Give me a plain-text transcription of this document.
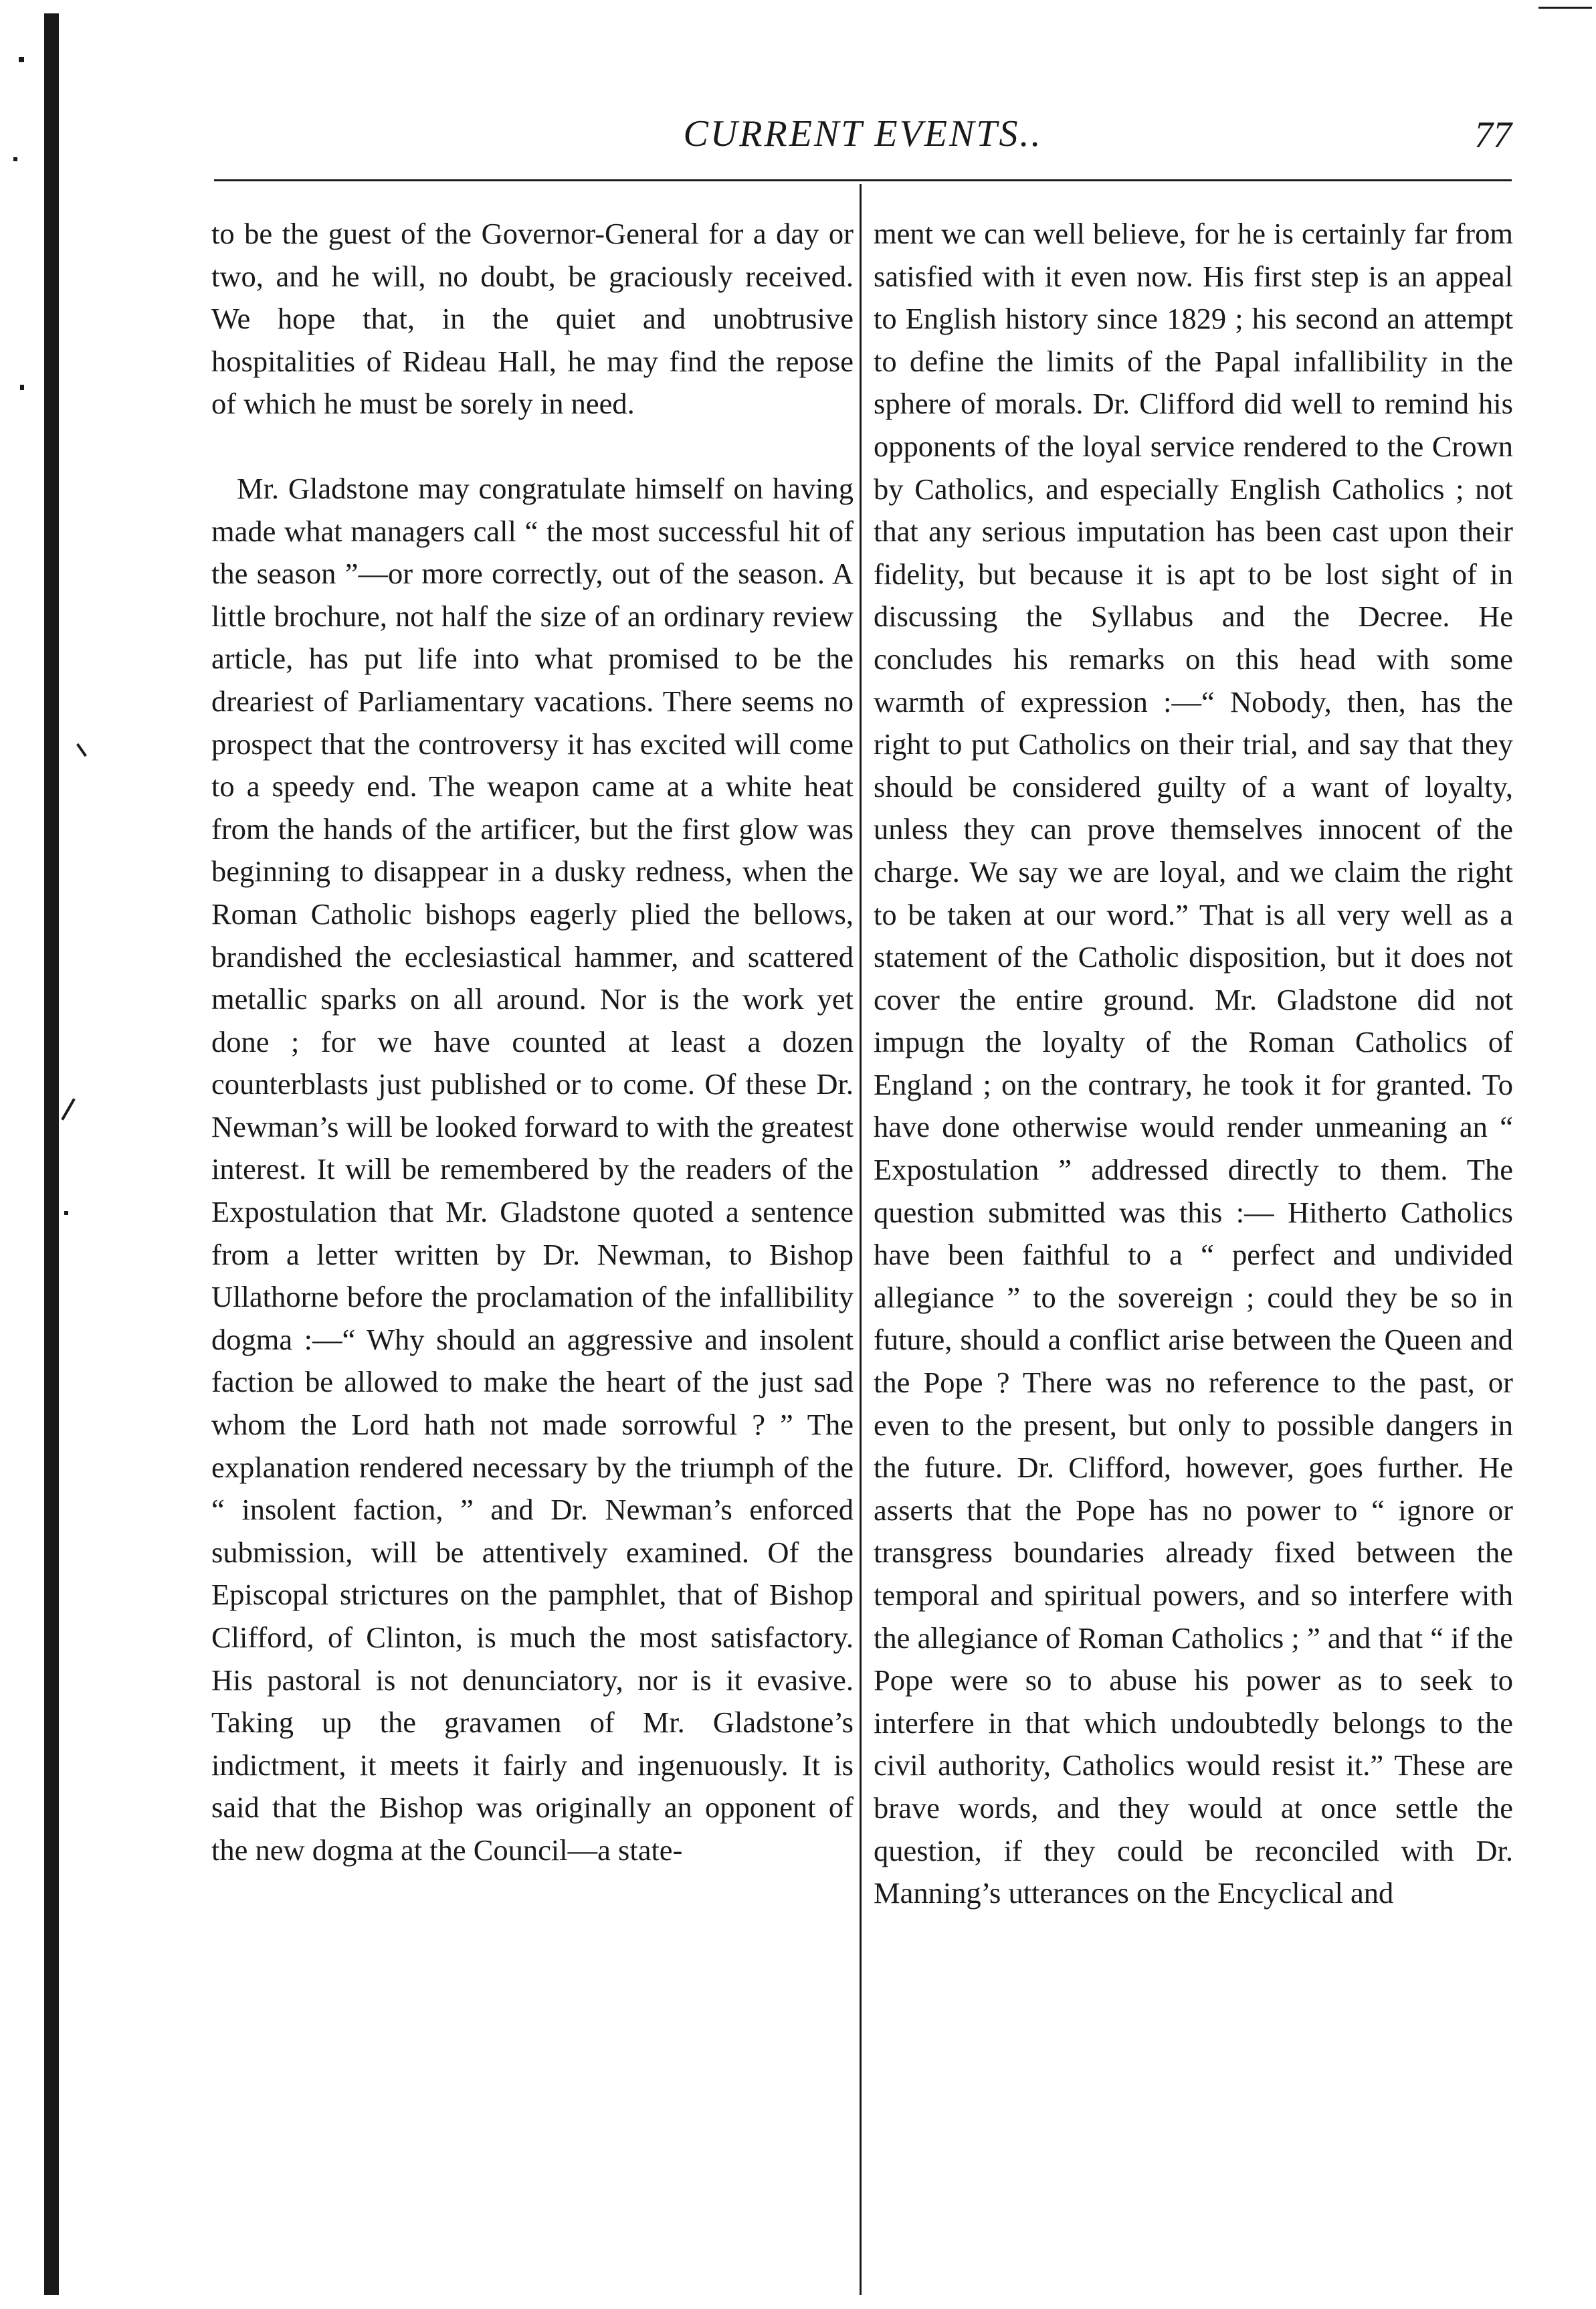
CURRENT EVENTS..	77

to be the guest of the Governor-General for a day or two, and he will, no doubt, be graciously received. We hope that, in the quiet and unobtrusive hospitalities of Rideau Hall, he may find the repose of which he must be sorely in need.

Mr. Gladstone may congratulate himself on having made what managers call “ the most successful hit of the season ”—or more correctly, out of the season. A little brochure, not half the size of an ordinary review article, has put life into what promised to be the dreariest of Parliamentary vacations. There seems no prospect that the controversy it has excited will come to a speedy end. The weapon came at a white heat from the hands of the artificer, but the first glow was beginning to disappear in a dusky redness, when the Roman Catholic bishops eagerly plied the bellows, brandished the ecclesiastical hammer, and scattered metallic sparks on all around. Nor is the work yet done ; for we have counted at least a dozen counterblasts just published or to come. Of these Dr. Newman’s will be looked forward to with the greatest interest. It will be remembered by the readers of the Expostulation that Mr. Gladstone quoted a sentence from a letter written by Dr. Newman, to Bishop Ullathorne before the proclamation of the infallibility dogma :—“ Why should an aggressive and insolent faction be allowed to make the heart of the just sad whom the Lord hath not made sorrowful ? ” The explanation rendered necessary by the triumph of the “ insolent faction, ” and Dr. Newman’s enforced submission, will be attentively examined. Of the Episcopal strictures on the pamphlet, that of Bishop Clifford, of Clinton, is much the most satisfactory. His pastoral is not denunciatory, nor is it evasive. Taking up the gravamen of Mr. Gladstone’s indictment, it meets it fairly and ingenuously. It is said that the Bishop was originally an opponent of the new dogma at the Council—a state-

ment we can well believe, for he is certainly far from satisfied with it even now. His first step is an appeal to English history since 1829 ; his second an attempt to define the limits of the Papal infallibility in the sphere of morals. Dr. Clifford did well to remind his opponents of the loyal service rendered to the Crown by Catholics, and especially English Catholics ; not that any serious imputation has been cast upon their fidelity, but because it is apt to be lost sight of in discussing the Syllabus and the Decree. He concludes his remarks on this head with some warmth of expression :—“ Nobody, then, has the right to put Catholics on their trial, and say that they should be considered guilty of a want of loyalty, unless they can prove themselves innocent of the charge. We say we are loyal, and we claim the right to be taken at our word.” That is all very well as a statement of the Catholic disposition, but it does not cover the entire ground. Mr. Gladstone did not impugn the loyalty of the Roman Catholics of England ; on the contrary, he took it for granted. To have done otherwise would render unmeaning an “ Expostulation ” addressed directly to them. The question submitted was this :— Hitherto Catholics have been faithful to a “ perfect and undivided allegiance ” to the sovereign ; could they be so in future, should a conflict arise between the Queen and the Pope ? There was no reference to the past, or even to the present, but only to possible dangers in the future. Dr. Clifford, however, goes further. He asserts that the Pope has no power to “ ignore or transgress boundaries already fixed between the temporal and spiritual powers, and so interfere with the allegiance of Roman Catholics ; ” and that “ if the Pope were so to abuse his power as to seek to interfere in that which undoubtedly belongs to the civil authority, Catholics would resist it.” These are brave words, and they would at once settle the question, if they could be reconciled with Dr. Manning’s utterances on the Encyclical and
